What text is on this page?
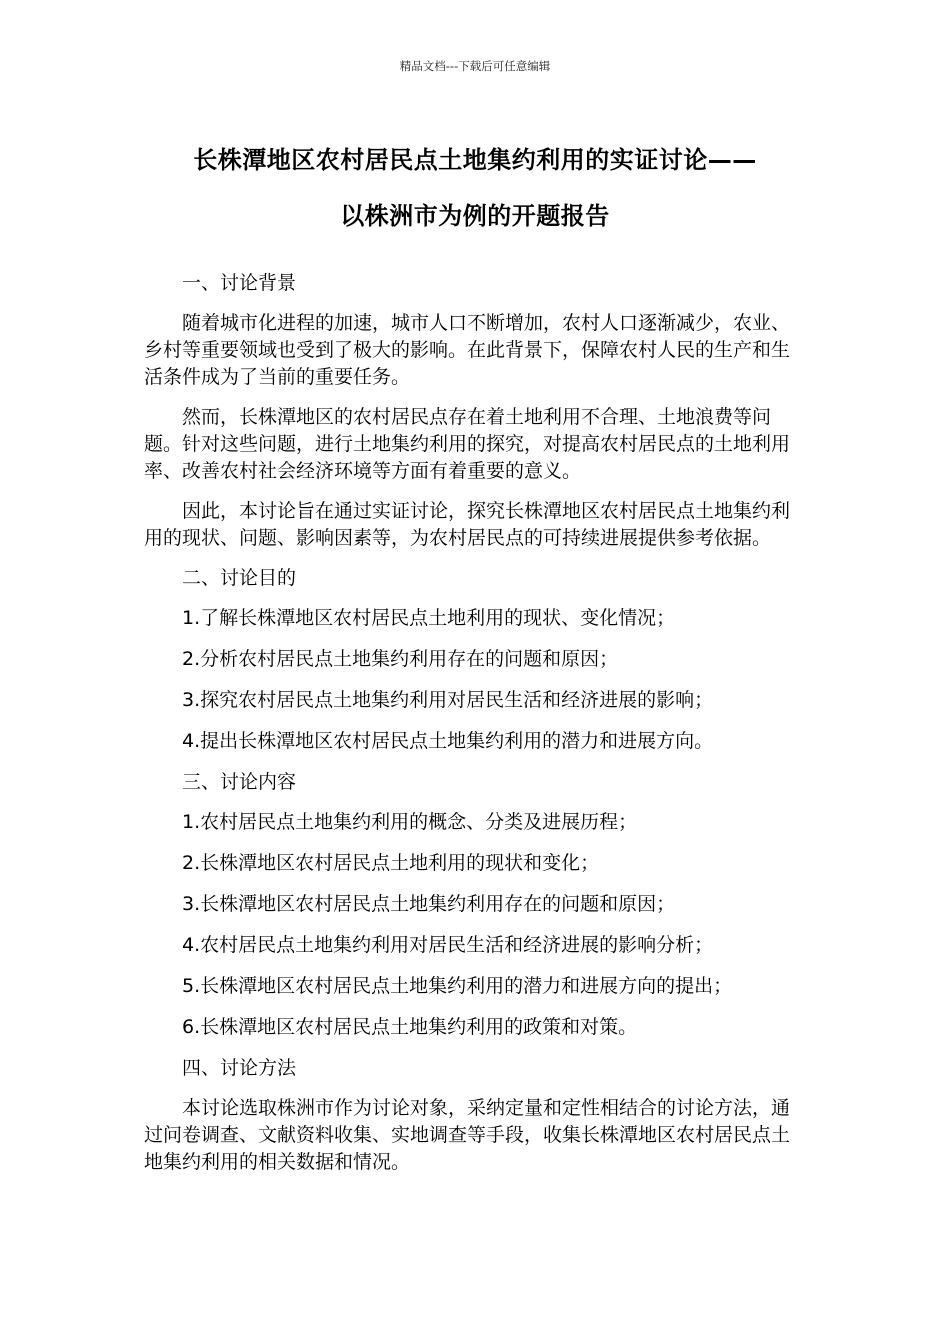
精品文档---下载后可任意编辑
长株潭地区农村居民点土地集约利用的实证讨论——
以株洲市为例的开题报告
一、讨论背景
随着城市化进程的加速，城市人口不断增加，农村人口逐渐减少，农业、乡村等重要领域也受到了极大的影响。在此背景下，保障农村人民的生产和生活条件成为了当前的重要任务。
然而，长株潭地区的农村居民点存在着土地利用不合理、土地浪费等问题。针对这些问题，进行土地集约利用的探究，对提高农村居民点的土地利用率、改善农村社会经济环境等方面有着重要的意义。
因此，本讨论旨在通过实证讨论，探究长株潭地区农村居民点土地集约利用的现状、问题、影响因素等，为农村居民点的可持续进展提供参考依据。
二、讨论目的
1.了解长株潭地区农村居民点土地利用的现状、变化情况；
2.分析农村居民点土地集约利用存在的问题和原因；
3.探究农村居民点土地集约利用对居民生活和经济进展的影响；
4.提出长株潭地区农村居民点土地集约利用的潜力和进展方向。
三、讨论内容
1.农村居民点土地集约利用的概念、分类及进展历程；
2.长株潭地区农村居民点土地利用的现状和变化；
3.长株潭地区农村居民点土地集约利用存在的问题和原因；
4.农村居民点土地集约利用对居民生活和经济进展的影响分析；
5.长株潭地区农村居民点土地集约利用的潜力和进展方向的提出；
6.长株潭地区农村居民点土地集约利用的政策和对策。
四、讨论方法
本讨论选取株洲市作为讨论对象，采纳定量和定性相结合的讨论方法，通过问卷调查、文献资料收集、实地调查等手段，收集长株潭地区农村居民点土地集约利用的相关数据和情况。
